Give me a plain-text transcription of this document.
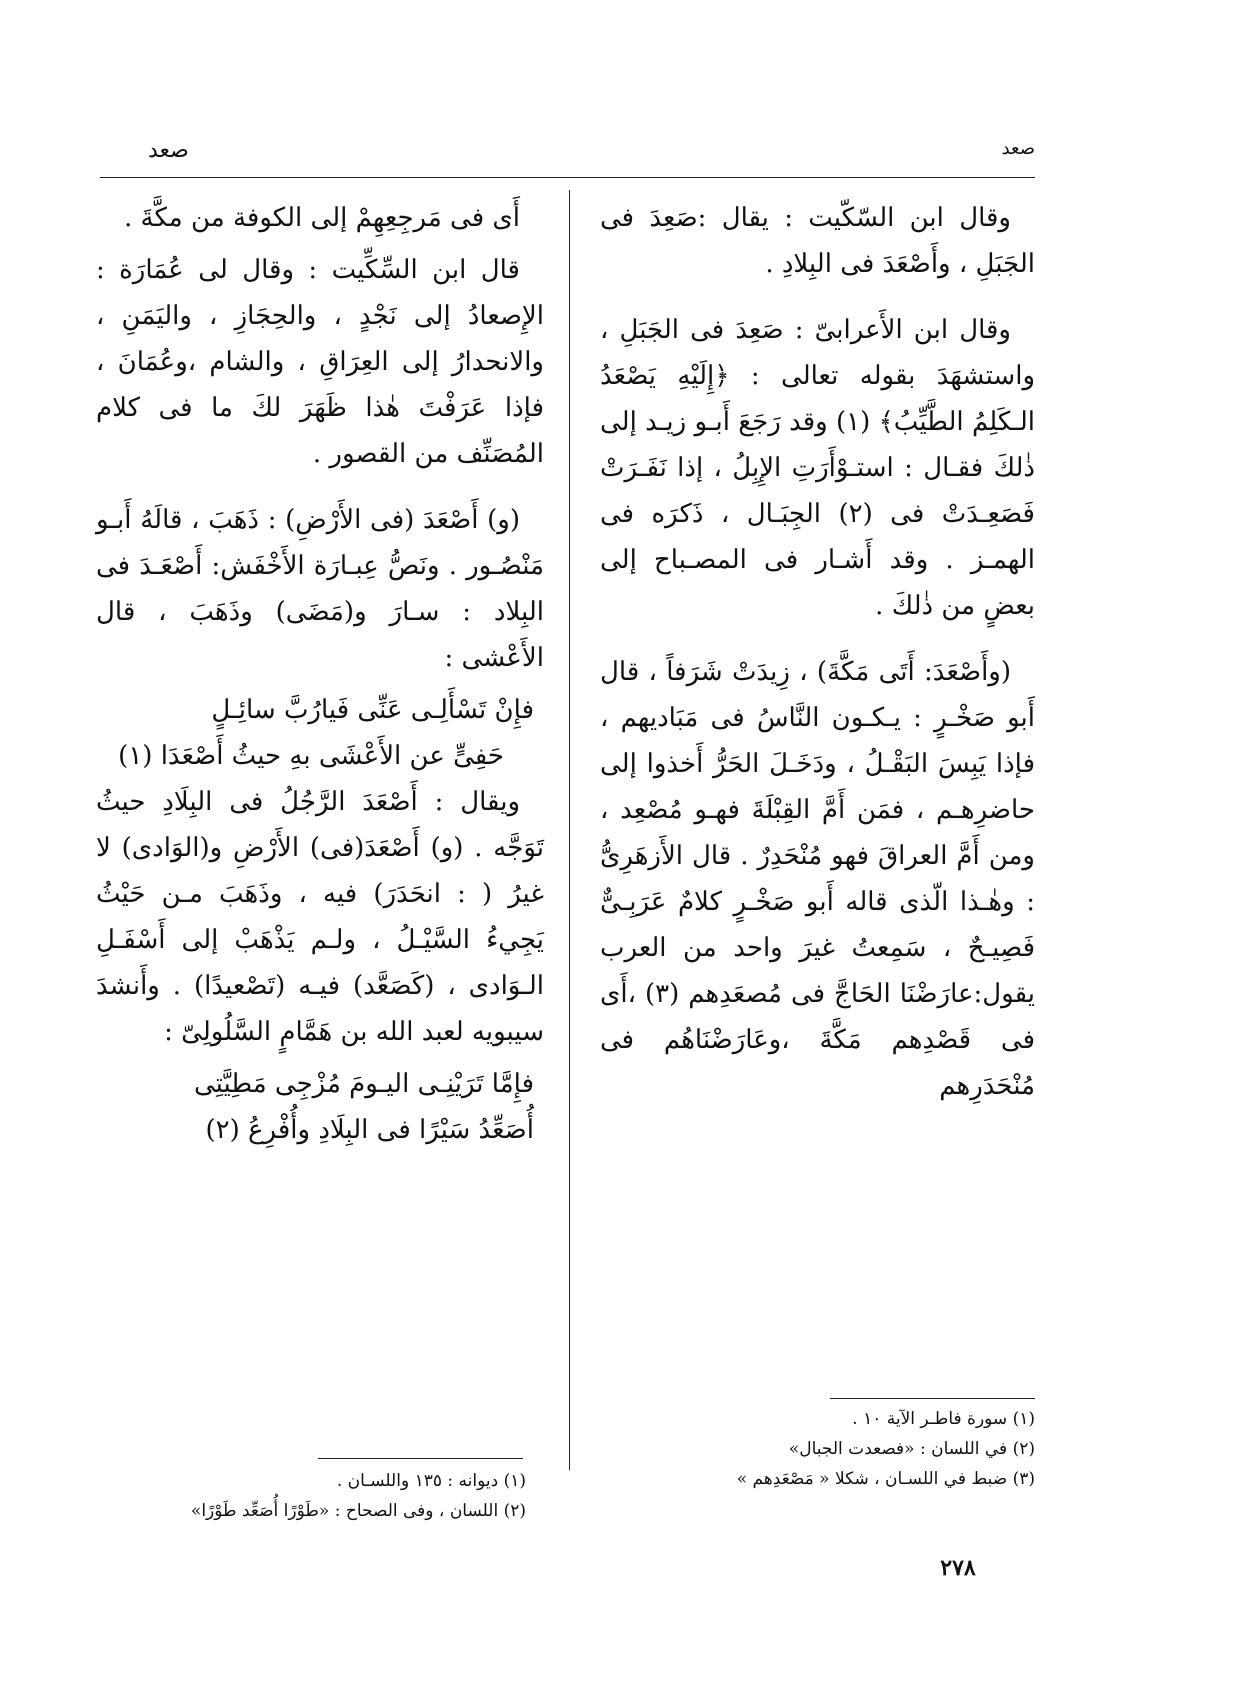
صعد
صعد

وقال ابن السّكّيت : يقال :صَعِدَ فى الجَبَلِ ، وأَصْعَدَ فى البِلادِ .

وقال ابن الأَعرابىّ : صَعِدَ فى الجَبَلِ ، واستشهَدَ بقوله تعالى : ﴿إِلَيْهِ يَصْعَدُ الـكَلِمُ الطَّيِّبُ﴾ (١) وقد رَجَعَ أَبـو زيـد إلى ذٰلكَ فقـال : استـوْأَرَتِ الإِبِلُ ، إذا نَفَـرَتْ فَصَعِـدَتْ فى (٢) الجِبَـال ، ذَكرَه فى الهمـز . وقد أَشـار فى المصـباح إلى بعضٍ من ذٰلكَ .

(وأَصْعَدَ: أَتَى مَكَّةَ) ، زِيدَتْ شَرَفاً ، قال أَبو صَخْـرٍ : يـكـون النَّاسُ فى مَبَاديهم ، فإذا يَبِسَ البَقْـلُ ، ودَخَـلَ الحَرُّ أَخذوا إلى حاضرِهـم ، فمَن أَمَّ القِبْلَةَ فهـو مُصْعِد ، ومن أَمَّ العراقَ فهو مُنْحَدِرٌ . قال الأَزهَرِىُّ : وهٰـذا الّذى قاله أَبو صَخْـرٍ كلامٌ عَرَبِـىٌّ فَصِيـحٌ ، سَمِعتُ غيرَ واحد من العرب يقول:عارَضْنَا الحَاجَّ فى مُصعَدِهم (٣) ،أَى فى قَصْدِهم مَكَّةَ ،وعَارَضْنَاهُم فى مُنْحَدَرِهم

(١) سورة فاطـر الآية ١٠ .
(٢) في اللسان : «فصعدت الجبال»
(٣) ضبط في اللسـان ، شكلا « مَصْعَدِهم »

أَى فى مَرجِعِهِمْ إلى الكوفة من مكَّةَ .

قال ابن السِّكِّيت : وقال لى عُمَارَة : الإِصعادُ إلى نَجْدٍ ، والحِجَازِ ، واليَمَنِ ، والانحدارُ إلى العِرَاقِ ، والشام ،وعُمَانَ ، فإذا عَرَفْتَ هٰذا ظَهَرَ لكَ ما فى كلام المُصَنِّف من القصور .

(و) أَصْعَدَ (فى الأَرْضِ) : ذَهَبَ ، قالَهُ أَبـو مَنْصُـور . ونَصُّ عِبـارَة الأَخْفَش: أَصْعَـدَ فى البِلاد : سـارَ و(مَضَى) وذَهَبَ ، قال الأَعْشى :

فإِنْ تَسْأَلِـى عَنِّى فَيارُبَّ سائِـلٍ
حَفِىٍّ عن الأَعْشَى بهِ حيثُ أَصْعَدَا (١)

ويقال : أَصْعَدَ الرَّجُلُ فى البِلَادِ حيثُ تَوَجَّه . (و) أَصْعَدَ(فى) الأَرْضِ و(الوَادى) لا غيرُ ( : انحَدَرَ) فيه ، وذَهَبَ مـن حَيْثُ يَجِيءُ السَّيْـلُ ، ولـم يَذْهَبْ إلى أَسْفَـلِ الـوَادى ، (كَصَعَّد) فيـه (تَصْعيدًا) . وأَنشدَ سيبويه لعبد الله بن هَمَّامٍ السَّلُولِىّ :

فإِمَّا تَرَيْنِـى اليـومَ مُزْجِى مَطِيَّتِى
أُصَعِّدُ سَيْرًا فى البِلَادِ وأُفْرِعُ (٢)
(١) ديوانه : ١٣٥ واللسـان .
(٢) اللسان ، وفى الصحاح : «طَوْرًا أُصَعِّد طَوْرًا»
٢٧٨
